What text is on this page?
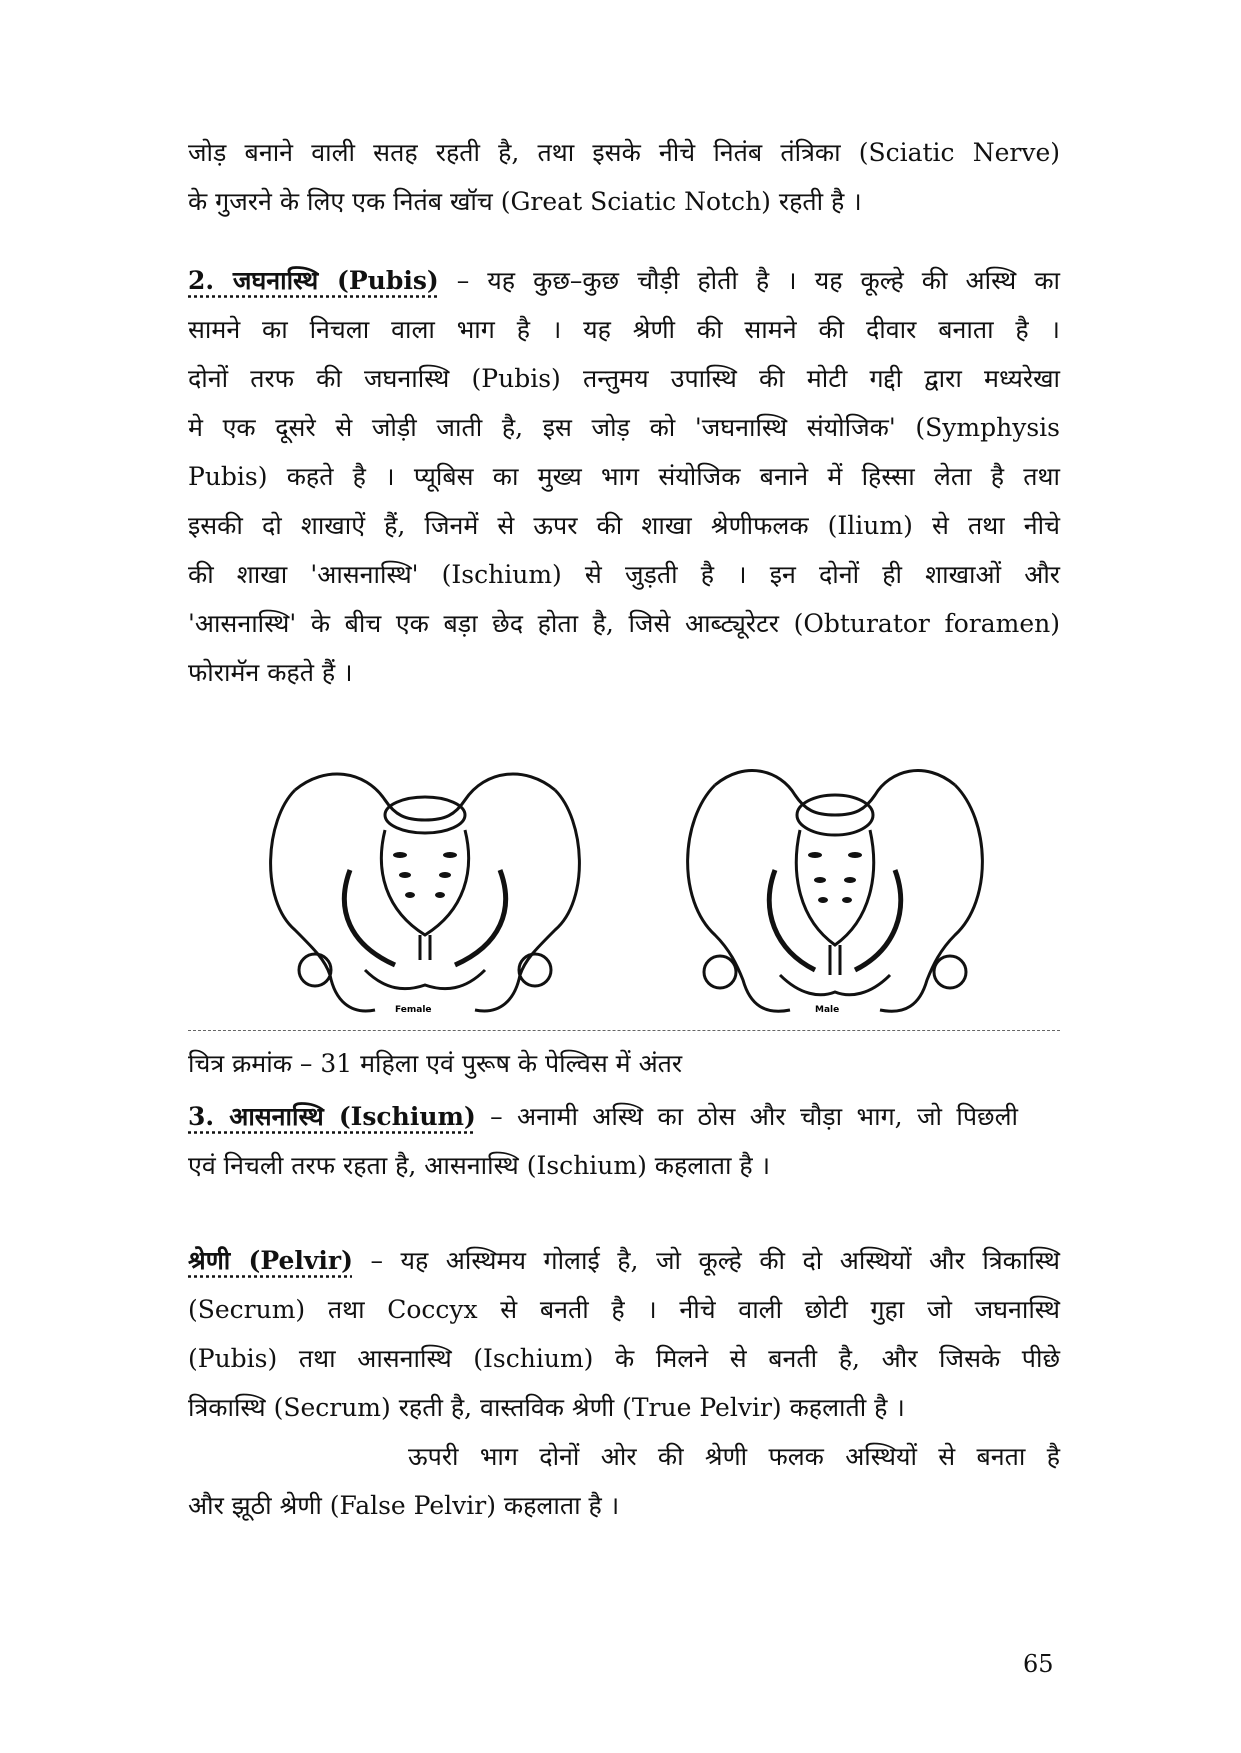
जोड़ बनाने वाली सतह रहती है, तथा इसके नीचे नितंब तंत्रिका (Sciatic Nerve)
के गुजरने के लिए एक नितंब खॉच (Great Sciatic Notch) रहती है ।
2. जघनास्थि (Pubis) – यह कुछ–कुछ चौड़ी होती है । यह कूल्हे की अस्थि का
सामने का निचला वाला भाग है । यह श्रेणी की सामने की दीवार बनाता है ।
दोनों तरफ की जघनास्थि (Pubis) तन्तुमय उपास्थि की मोटी गद्दी द्वारा मध्यरेखा
मे एक दूसरे से जोड़ी जाती है, इस जोड़ को 'जघनास्थि संयोजिक' (Symphysis
Pubis) कहते है । प्यूबिस का मुख्य भाग संयोजिक बनाने में हिस्सा लेता है तथा
इसकी दो शाखाऐं हैं, जिनमें से ऊपर की शाखा श्रेणीफलक (Ilium) से तथा नीचे
की शाखा 'आसनास्थि' (Ischium) से जुड़ती है । इन दोनों ही शाखाओं और
'आसनास्थि' के बीच एक बड़ा छेद होता है, जिसे आब्ट्यूरेटर (Obturator foramen)
फोरामॅन कहते हैं ।
Female	Male
चित्र क्रमांक – 31 महिला एवं पुरूष के पेल्विस में अंतर
3. आसनास्थि (Ischium) – अनामी अस्थि का ठोस और चौड़ा भाग, जो पिछली
एवं निचली तरफ रहता है, आसनास्थि (Ischium) कहलाता है ।
श्रेणी (Pelvir) – यह अस्थिमय गोलाई है, जो कूल्हे की दो अस्थियों और त्रिकास्थि
(Secrum) तथा Coccyx से बनती है । नीचे वाली छोटी गुहा जो जघनास्थि
(Pubis) तथा आसनास्थि (Ischium) के मिलने से बनती है, और जिसके पीछे
त्रिकास्थि (Secrum) रहती है, वास्तविक श्रेणी (True Pelvir) कहलाती है ।
ऊपरी भाग दोनों ओर की श्रेणी फलक अस्थियों से बनता है
और झूठी श्रेणी (False Pelvir) कहलाता है ।
65
